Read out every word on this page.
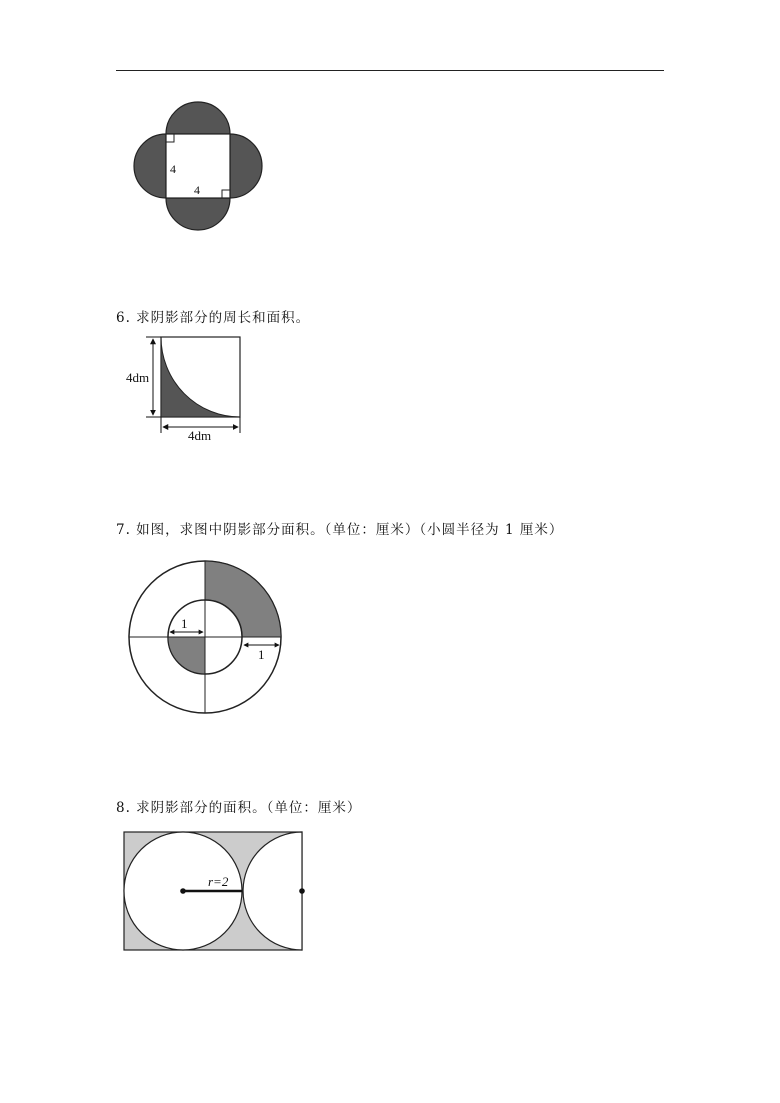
4
4
6. 求阴影部分的周长和面积。
4dm
4dm
7. 如图，求图中阴影部分面积。（单位：厘米）（小圆半径为 1 厘米）
1
1
8. 求阴影部分的面积。（单位：厘米）
r=2
